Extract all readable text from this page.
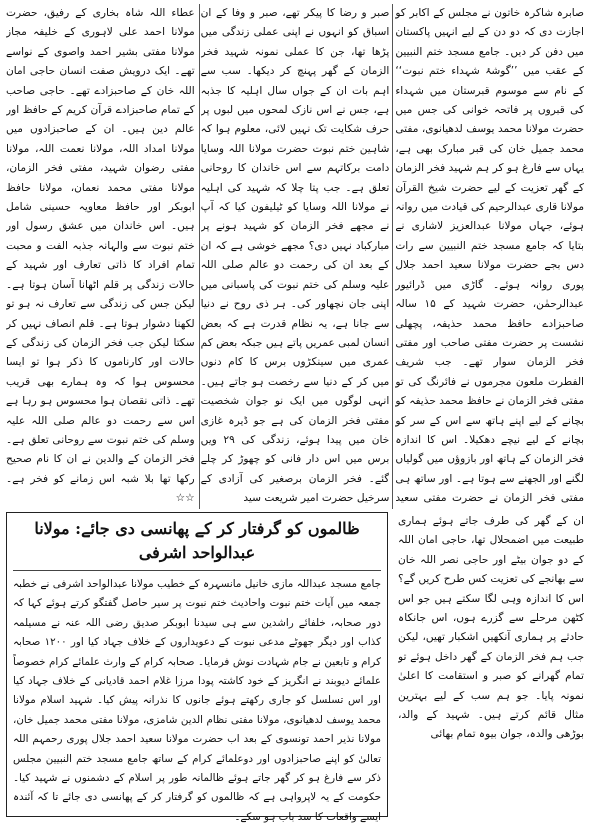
صابرہ شاکرہ خاتون نے مجلس کے اکابر کو اجازت دی کہ دو دن کے لیے انہیں پاکستان میں دفن کر دیں۔ جامع مسجد ختم النبیین کے عقب میں ’’گوشۂ شہداء ختم نبوت‘‘ کے نام سے موسوم قبرستان میں شہداء کی قبروں پر فاتحہ خوانی کی جس میں حضرت مولانا محمد یوسف لدھیانوی، مفتی محمد جمیل خان کی قبر مبارک بھی ہے، یہاں سے فارغ ہو کر ہم شہید فخر الزمان کے گھر تعزیت کے لیے حضرت شیخ القرآن مولانا قاری عبدالرحیم کی قیادت میں روانہ ہوئے، جہاں مولانا عبدالعزیز لاشاری نے بتایا کہ جامع مسجد ختم النبیین سے رات دس بجے حضرت مولانا سعید احمد جلال پوری روانہ ہوئے۔ گاڑی میں ڈرائیور عبدالرحمٰن، حضرت شہید کے ۱۵ سالہ صاحبزادے حافظ محمد حذیفہ، پچھلی نشست پر حضرت مفتی صاحب اور مفتی فخر الزمان سوار تھے۔ جب شریف الفطرت ملعون مجرموں نے فائرنگ کی تو مفتی فخر الزمان نے حافظ محمد حذیفہ کو بچانے کے لیے اپنے ہاتھ سے اس کے سر کو بچانے کے لیے نیچے دھکیلا۔ اس کا اندازہ فخر الزمان کے ہاتھ اور بازوؤں میں گولیاں لگنے اور الجھنے سے ہوتا ہے۔ اور ساتھ ہی مفتی فخر الزمان نے حضرت مفتی سعید

صبر و رضا کا پیکر تھے، صبر و وفا کے ان اسباق کو انہوں نے اپنی عملی زندگی میں پڑھا تھا، جن کا عملی نمونہ شہید فخر الزمان کے گھر پہنچ کر دیکھا۔ سب سے اہم بات ان کے جواں سال اہلیہ کا جذبہ ہے، جس نے اس نازک لمحوں میں لبوں پر حرف شکایت تک نہیں لائی، معلوم ہوا کہ شاہین ختم نبوت حضرت مولانا اللہ وسایا دامت برکاتہم سے اس خاندان کا روحانی تعلق ہے۔ جب پتا چلا کہ شہید کی اہلیہ نے مولانا اللہ وسایا کو ٹیلیفون کیا کہ آپ نے مجھے فخر الزمان کو شہید ہونے پر مبارکباد نہیں دی؟ مجھے خوشی ہے کہ ان کے بعد ان کی رحمت دو عالم صلی اللہ علیہ وسلم کی ختم نبوت کی پاسبانی میں اپنی جان نچھاور کی۔ ہر ذی روح نے دنیا سے جانا ہے، یہ نظام قدرت ہے کہ بعض انسان لمبی عمریں پاتے ہیں جبکہ بعض کم عمری میں سینکڑوں برس کا کام دنوں میں کر کے دنیا سے رخصت ہو جاتے ہیں۔ انہی لوگوں میں ایک نو جوان شخصیت مفتی فخر الزمان کی ہے جو ڈیرہ غازی خان میں پیدا ہوئے، زندگی کی ۲۹ ویں برس میں اس دار فانی کو چھوڑ کر چلے گئے۔ فخر الزمان برصغیر کی آزادی کے سرخیل حضرت امیر شریعت سید

عطاء اللہ شاہ بخاری کے رفیق، حضرت مولانا احمد علی لاہوری کے خلیفہ مجاز مولانا مفتی بشیر احمد واصوی کے نواسے تھے۔ ایک درویش صفت انسان حاجی امان اللہ خان کے صاحبزادے تھے۔ حاجی صاحب کے تمام صاحبزادے قرآن کریم کے حافظ اور عالم دین ہیں۔ ان کے صاحبزادوں میں مولانا امداد اللہ، مولانا نعمت اللہ، مولانا مفتی رضوان شہید، مفتی فخر الزمان، مولانا مفتی محمد نعمان، مولانا حافظ ابوبکر اور حافظ معاویہ حسینی شامل ہیں۔ اس خاندان میں عشق رسول اور ختم نبوت سے والہانہ جذبہ الفت و محبت تمام افراد کا ذاتی تعارف اور شہید کے حالات زندگی پر قلم اٹھانا آسان ہوتا ہے۔ لیکن جس کی زندگی سے تعارف نہ ہو تو لکھنا دشوار ہوتا ہے۔ قلم انصاف نہیں کر سکتا لیکن جب فخر الزمان کی زندگی کے حالات اور کارناموں کا ذکر ہوا تو ایسا محسوس ہوا کہ وہ ہمارے بھی قریب تھے۔ ذاتی نقصان ہوا محسوس ہو رہا ہے اس سے رحمت دو عالم صلی اللہ علیہ وسلم کی ختم نبوت سے روحانی تعلق ہے۔ فخر الزمان کے والدین نے ان کا نام صحیح رکھا تھا بلا شبہ اس زمانے کو فخر ہے۔ ☆☆

ان کے گھر کی طرف جاتے ہوئے ہماری طبیعت میں اضمحلال تھا، حاجی امان اللہ کے دو جوان بیٹے اور حاجی نصر اللہ خان سے بھانجے کی تعزیت کس طرح کریں گے؟ اس کا اندازہ وہی لگا سکتے ہیں جو اس کٹھن مرحلے سے گزرے ہوں، اس جانکاہ حادثے پر ہماری آنکھیں اشکبار تھیں، لیکن جب ہم فخر الزمان کے گھر داخل ہوئے تو تمام گھرانے کو صبر و استقامت کا اعلیٰ نمونہ پایا۔ جو ہم سب کے لیے بہترین مثال قائم کرتے ہیں۔ شہید کے والد، بوڑھی والدہ، جوان بیوہ تمام بھائی

ظالموں کو گرفتار کر کے پھانسی دی جائے: مولانا عبدالواحد اشرفی

جامع مسجد عبداللہ مازی خانیل مانسہرہ کے خطیب مولانا عبدالواحد اشرفی نے خطبہ جمعہ میں آیات ختم نبوت واحادیث ختم نبوت پر سیر حاصل گفتگو کرتے ہوئے کہا کہ دور صحابہ، خلفائے راشدین سے ہی سیدنا ابوبکر صدیق رضی اللہ عنہ نے مسیلمہ کذاب اور دیگر جھوٹے مدعی نبوت کے دعویداروں کے خلاف جہاد کیا اور ۱۲۰۰ صحابہ کرام و تابعین نے جام شہادت نوش فرمایا۔ صحابہ کرام کے وارث علمائے کرام خصوصاً علمائے دیوبند نے انگریز کے خود کاشتہ پودا مرزا غلام احمد قادیانی کے خلاف جہاد کیا اور اس تسلسل کو جاری رکھتے ہوئے جانوں کا نذرانہ پیش کیا۔ شہید اسلام مولانا محمد یوسف لدھیانوی، مولانا مفتی نظام الدین شامزی، مولانا مفتی محمد جمیل خان، مولانا نذیر احمد تونسوی کے بعد اب حضرت مولانا سعید احمد جلال پوری رحمہم اللہ تعالیٰ کو اپنے صاحبزادوں اور دوعلمائے کرام کے ساتھ جامع مسجد ختم النبیین مجلس ذکر سے فارغ ہو کر گھر جاتے ہوئے ظالمانہ طور پر اسلام کے دشمنوں نے شہید کیا۔ حکومت کے یہ لاپرواہی ہے کہ ظالموں کو گرفتار کر کے پھانسی دی جائے تا کہ آئندہ ایسے واقعات کا سد باب ہو سکے۔
